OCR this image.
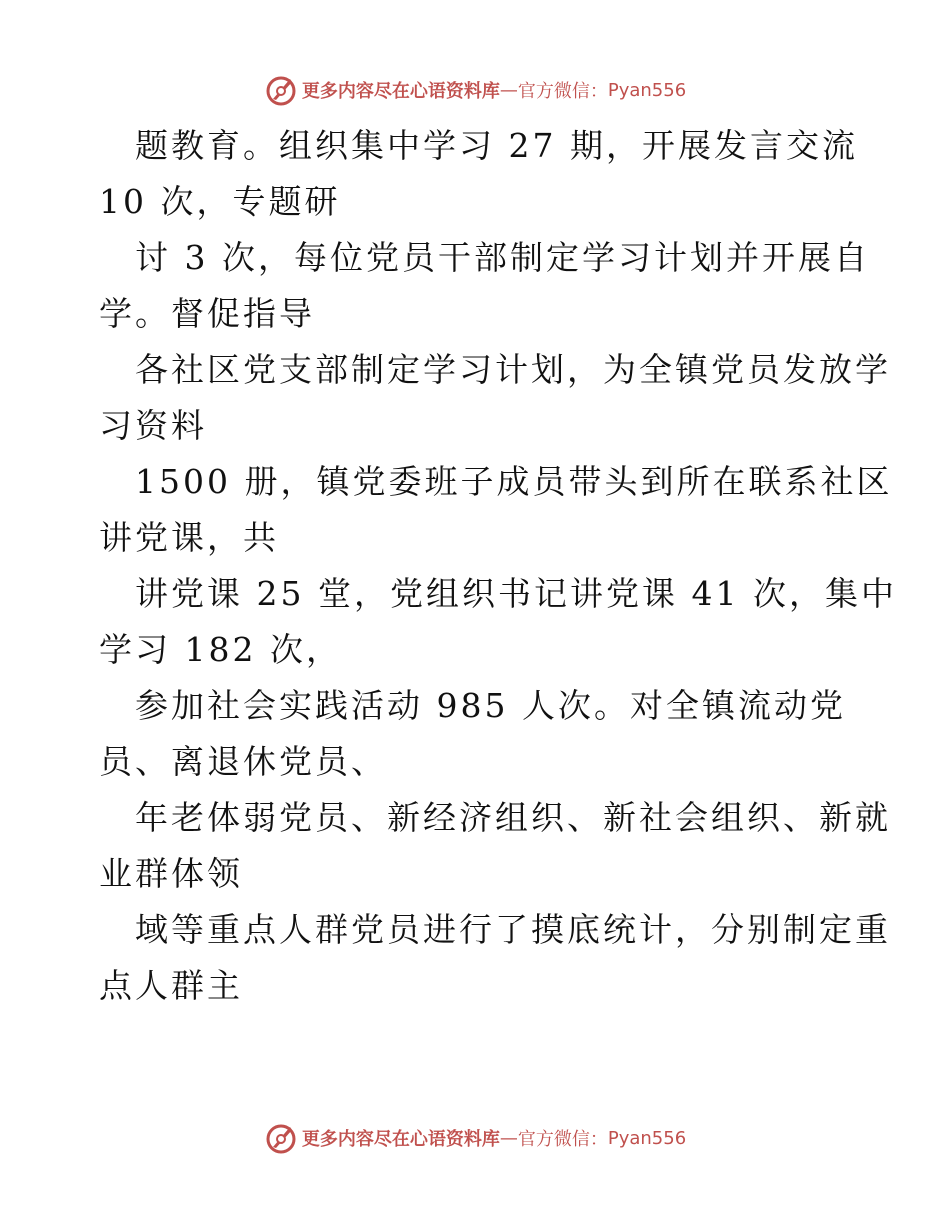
更多内容尽在心语资料库 — 官方微信： Pyan556
题教育。组织集中学习 27 期，开展发言交流
10 次，专题研
讨 3 次，每位党员干部制定学习计划并开展自
学。督促指导
各社区党支部制定学习计划，为全镇党员发放学
习资料
1500 册，镇党委班子成员带头到所在联系社区
讲党课，共
讲党课 25 堂，党组织书记讲党课 41 次，集中
学习 182 次，
参加社会实践活动 985 人次。对全镇流动党
员、离退休党员、
年老体弱党员、新经济组织、新社会组织、新就
业群体领
域等重点人群党员进行了摸底统计，分别制定重
点人群主
更多内容尽在心语资料库 — 官方微信： Pyan556
